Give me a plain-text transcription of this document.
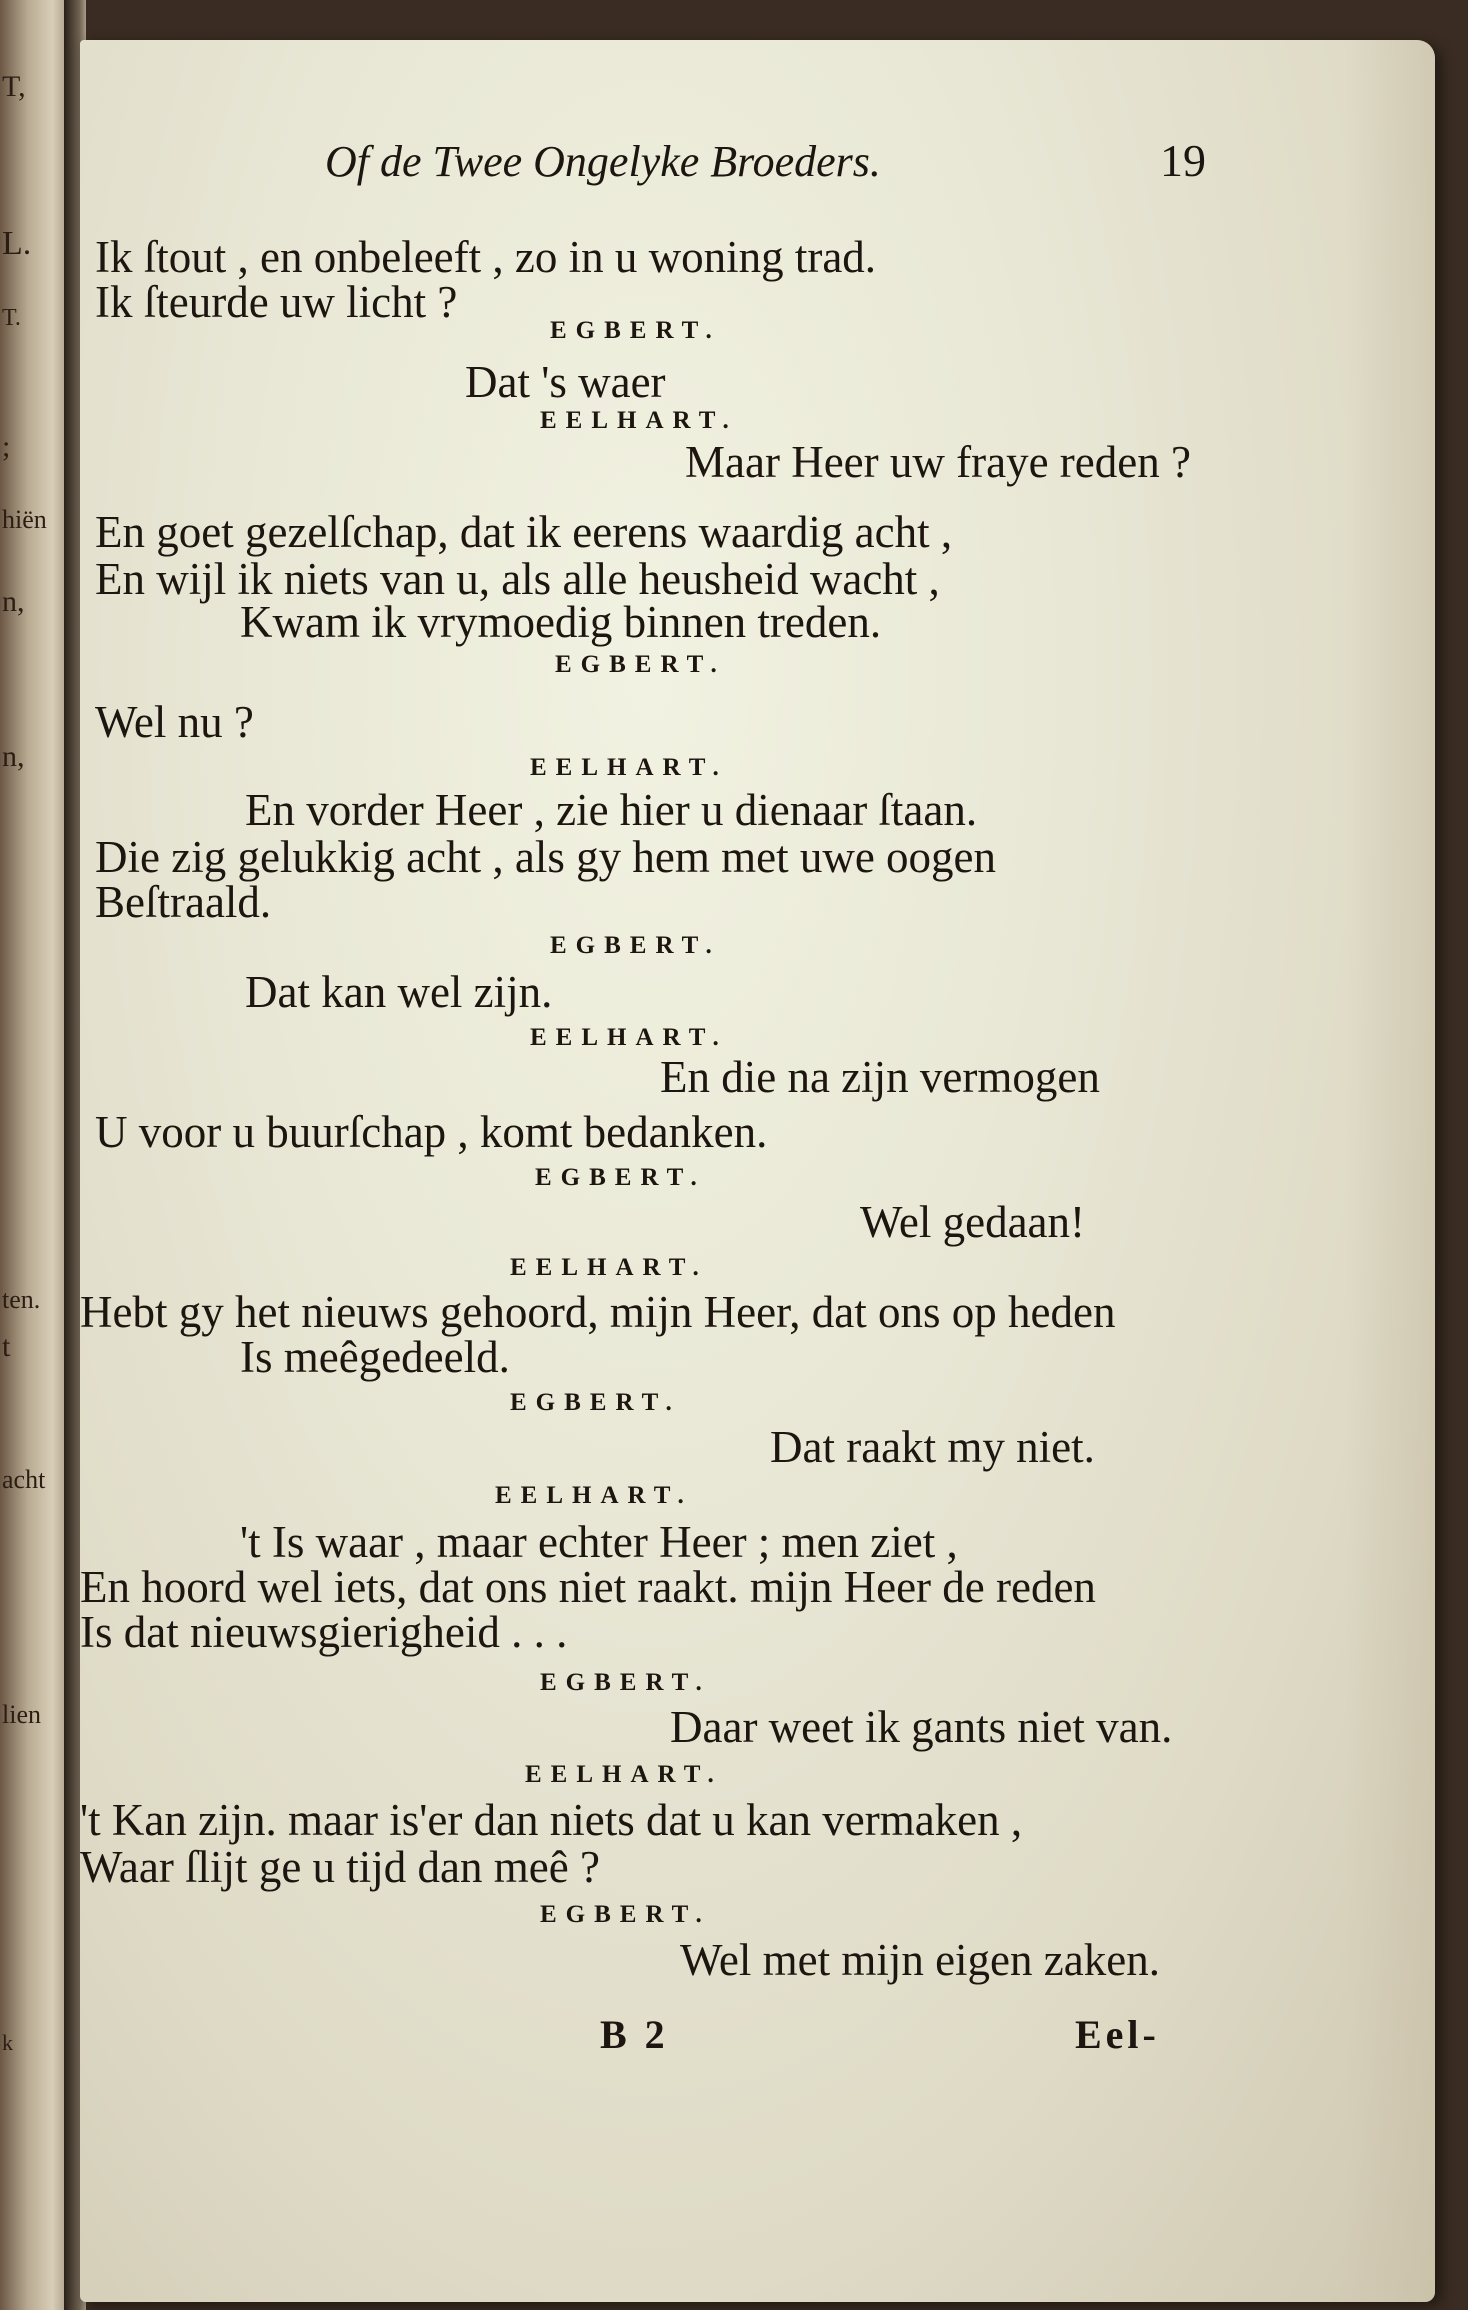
T,
L.
T.
;
hiën
n,
n,
ten.
t
acht
lien
k
Of de Twee Ongelyke Broeders.	19
Ik ſtout , en onbeleeft , zo in u woning trad.
Ik ſteurde uw licht ?
EGBERT.
Dat 's waer
EELHART.
Maar Heer uw fraye reden ?
En goet gezelſchap, dat ik eerens waardig acht ,
En wijl ik niets van u, als alle heusheid wacht ,
Kwam ik vrymoedig binnen treden.
EGBERT.
Wel nu ?
EELHART.
En vorder Heer , zie hier u dienaar ſtaan.
Die zig gelukkig acht , als gy hem met uwe oogen
Beſtraald.
EGBERT.
Dat kan wel zijn.
EELHART.
En die na zijn vermogen
U voor u buurſchap , komt bedanken.
EGBERT.
Wel gedaan!
EELHART.
Hebt gy het nieuws gehoord, mijn Heer, dat ons op heden
Is meêgedeeld.
EGBERT.
Dat raakt my niet.
EELHART.
't Is waar , maar echter Heer ; men ziet ,
En hoord wel iets, dat ons niet raakt. mijn Heer de reden
Is dat nieuwsgierigheid . . .
EGBERT.
Daar weet ik gants niet van.
EELHART.
't Kan zijn. maar is'er dan niets dat u kan vermaken ,
Waar ſlijt ge u tijd dan meê ?
EGBERT.
Wel met mijn eigen zaken.
B 2	Eel-
